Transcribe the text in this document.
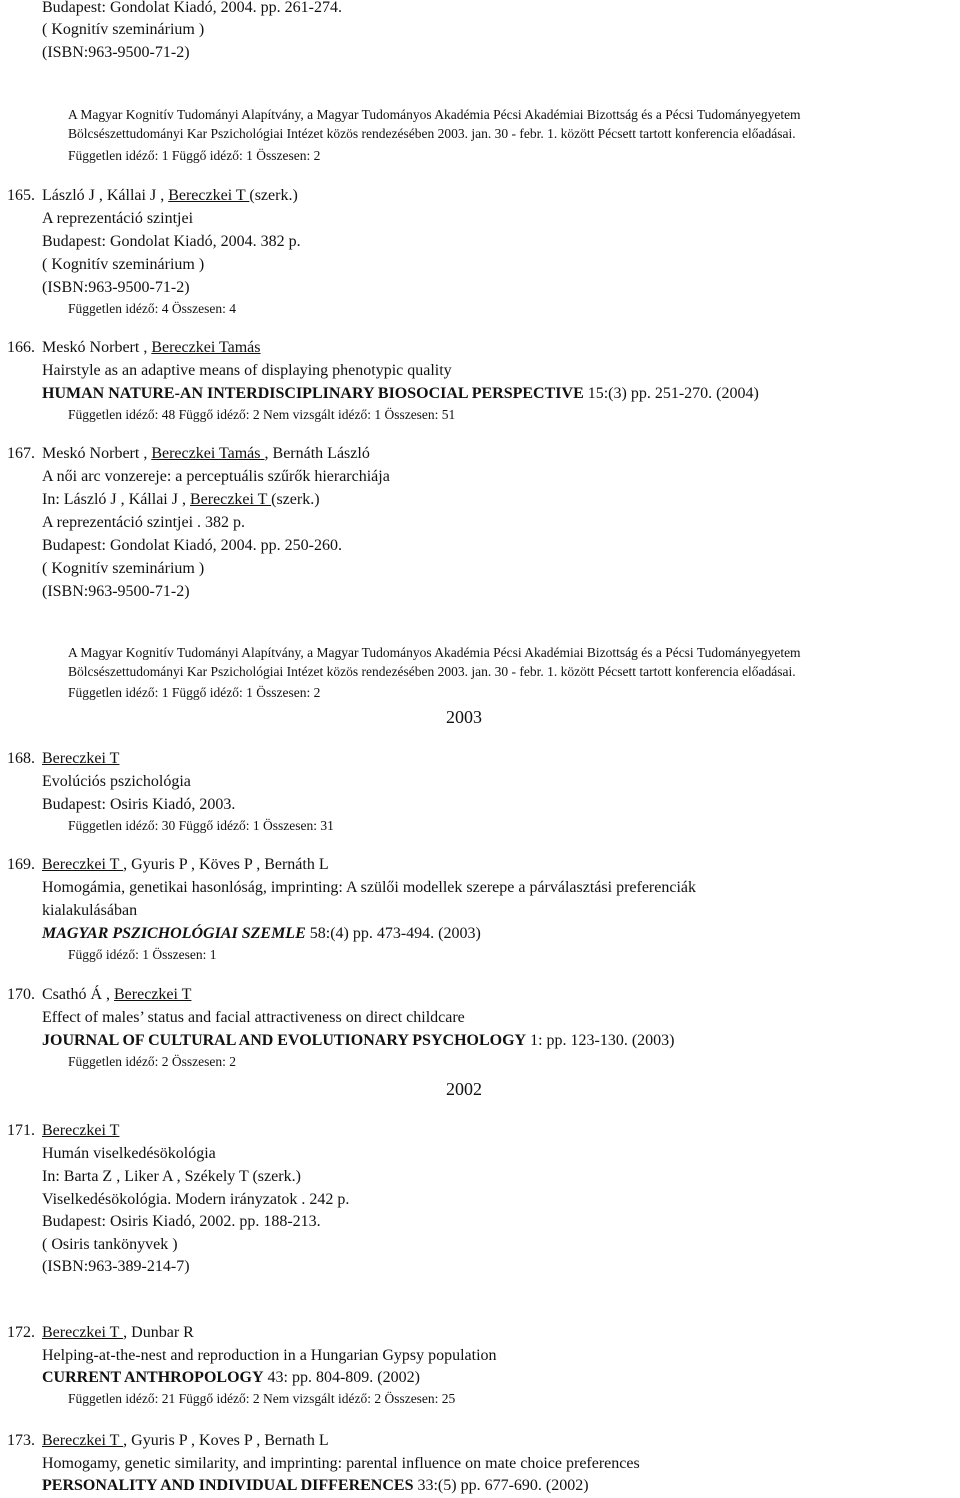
Budapest: Gondolat Kiadó, 2004. pp. 261-274.
( Kognitív szeminárium )
(ISBN:963-9500-71-2)
A Magyar Kognitív Tudományi Alapítvány, a Magyar Tudományos Akadémia Pécsi Akadémiai Bizottság és a Pécsi Tudományegyetem
Bölcsészettudományi Kar Pszichológiai Intézet közös rendezésében 2003. jan. 30 - febr. 1. között Pécsett tartott konferencia előadásai.
Független idéző: 1 Függő idéző: 1 Összesen: 2
165. László J , Kállai J , Bereczkei T (szerk.)
A reprezentáció szintjei
Budapest: Gondolat Kiadó, 2004. 382 p.
( Kognitív szeminárium )
(ISBN:963-9500-71-2)
Független idéző: 4 Összesen: 4
166. Meskó Norbert , Bereczkei Tamás
Hairstyle as an adaptive means of displaying phenotypic quality
HUMAN NATURE-AN INTERDISCIPLINARY BIOSOCIAL PERSPECTIVE 15:(3) pp. 251-270. (2004)
Független idéző: 48 Függő idéző: 2 Nem vizsgált idéző: 1 Összesen: 51
167. Meskó Norbert , Bereczkei Tamás , Bernáth László
A női arc vonzereje: a perceptuális szűrők hierarchiája
In: László J , Kállai J , Bereczkei T (szerk.)
A reprezentáció szintjei . 382 p.
Budapest: Gondolat Kiadó, 2004. pp. 250-260.
( Kognitív szeminárium )
(ISBN:963-9500-71-2)
A Magyar Kognitív Tudományi Alapítvány, a Magyar Tudományos Akadémia Pécsi Akadémiai Bizottság és a Pécsi Tudományegyetem
Bölcsészettudományi Kar Pszichológiai Intézet közös rendezésében 2003. jan. 30 - febr. 1. között Pécsett tartott konferencia előadásai.
Független idéző: 1 Függő idéző: 1 Összesen: 2
2003
168. Bereczkei T
Evolúciós pszichológia
Budapest: Osiris Kiadó, 2003.
Független idéző: 30 Függő idéző: 1 Összesen: 31
169. Bereczkei T , Gyuris P , Köves P , Bernáth L
Homogámia, genetikai hasonlóság, imprinting: A szülői modellek szerepe a párválasztási preferenciák
kialakulásában
MAGYAR PSZICHOLÓGIAI SZEMLE 58:(4) pp. 473-494. (2003)
Függő idéző: 1 Összesen: 1
170. Csathó Á , Bereczkei T
Effect of males’ status and facial attractiveness on direct childcare
JOURNAL OF CULTURAL AND EVOLUTIONARY PSYCHOLOGY 1: pp. 123-130. (2003)
Független idéző: 2 Összesen: 2
2002
171. Bereczkei T
Humán viselkedésökológia
In: Barta Z , Liker A , Székely T (szerk.)
Viselkedésökológia. Modern irányzatok . 242 p.
Budapest: Osiris Kiadó, 2002. pp. 188-213.
( Osiris tankönyvek )
(ISBN:963-389-214-7)
172. Bereczkei T , Dunbar R
Helping-at-the-nest and reproduction in a Hungarian Gypsy population
CURRENT ANTHROPOLOGY 43: pp. 804-809. (2002)
Független idéző: 21 Függő idéző: 2 Nem vizsgált idéző: 2 Összesen: 25
173. Bereczkei T , Gyuris P , Koves P , Bernath L
Homogamy, genetic similarity, and imprinting: parental influence on mate choice preferences
PERSONALITY AND INDIVIDUAL DIFFERENCES 33:(5) pp. 677-690. (2002)
